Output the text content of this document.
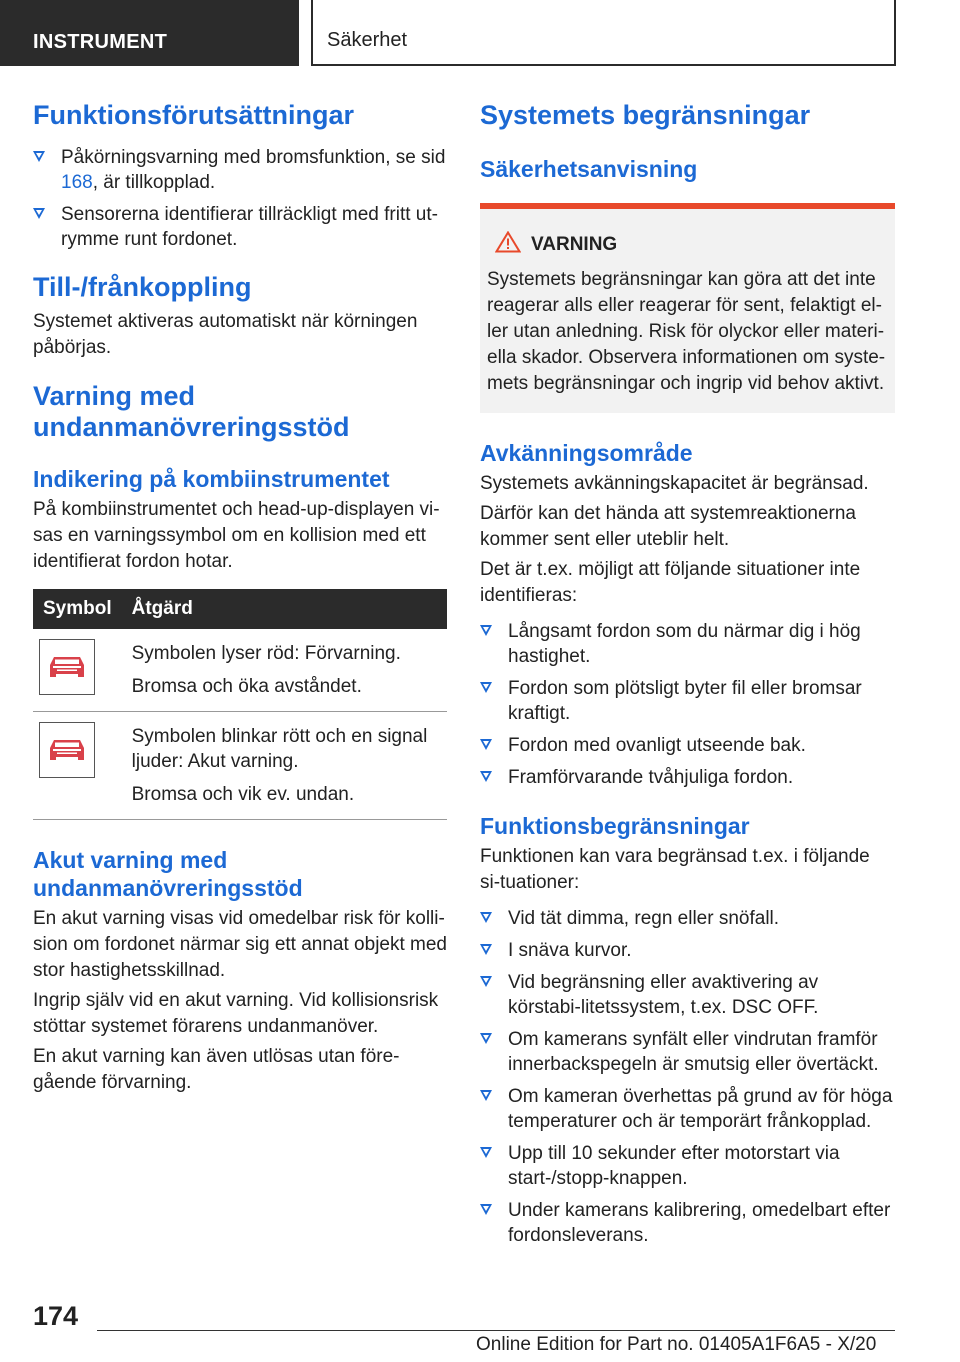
INSTRUMENT	Säkerhet
Funktionsförutsättningar
Påkörningsvarning med bromsfunktion, se sid 168, är tillkopplad.
Sensorerna identifierar tillräckligt med fritt ut-rymme runt fordonet.
Till-/frånkoppling

Systemet aktiveras automatiskt när körningen påbörjas.

Varning med undanmanövreringsstöd
Indikering på kombiinstrumentet

På kombiinstrumentet och head-up-displayen vi-sas en varningssymbol om en kollision med ett identifierat fordon hotar.

Symbol	Åtgärd

Symbolen lyser röd: Förvarning.
Bromsa och öka avståndet.

Symbolen blinkar rött och en signal ljuder: Akut varning.
Bromsa och vik ev. undan.
Akut varning med undanmanövreringsstöd

En akut varning visas vid omedelbar risk för kolli-sion om fordonet närmar sig ett annat objekt med stor hastighetsskillnad.

Ingrip själv vid en akut varning. Vid kollisionsrisk stöttar systemet förarens undanmanöver.

En akut varning kan även utlösas utan före-gående förvarning.

Systemets begränsningar
Säkerhetsanvisning
VARNING
Systemets begränsningar kan göra att det inte reagerar alls eller reagerar för sent, felaktigt el-ler utan anledning. Risk för olyckor eller materi-ella skador. Observera informationen om syste-mets begränsningar och ingrip vid behov aktivt.
Avkänningsområde

Systemets avkänningskapacitet är begränsad.

Därför kan det hända att systemreaktionerna kommer sent eller uteblir helt.

Det är t.ex. möjligt att följande situationer inte identifieras:

Långsamt fordon som du närmar dig i hög hastighet.
Fordon som plötsligt byter fil eller bromsar kraftigt.
Fordon med ovanligt utseende bak.
Framförvarande tvåhjuliga fordon.
Funktionsbegränsningar

Funktionen kan vara begränsad t.ex. i följande si-tuationer:

Vid tät dimma, regn eller snöfall.
I snäva kurvor.
Vid begränsning eller avaktivering av körstabi-litetssystem, t.ex. DSC OFF.
Om kamerans synfält eller vindrutan framför innerbackspegeln är smutsig eller övertäckt.
Om kameran överhettas på grund av för höga temperaturer och är temporärt frånkopplad.
Upp till 10 sekunder efter motorstart via start-/stopp-knappen.
Under kamerans kalibrering, omedelbart efter fordonsleverans.
174
Online Edition for Part no. 01405A1F6A5 - X/20
